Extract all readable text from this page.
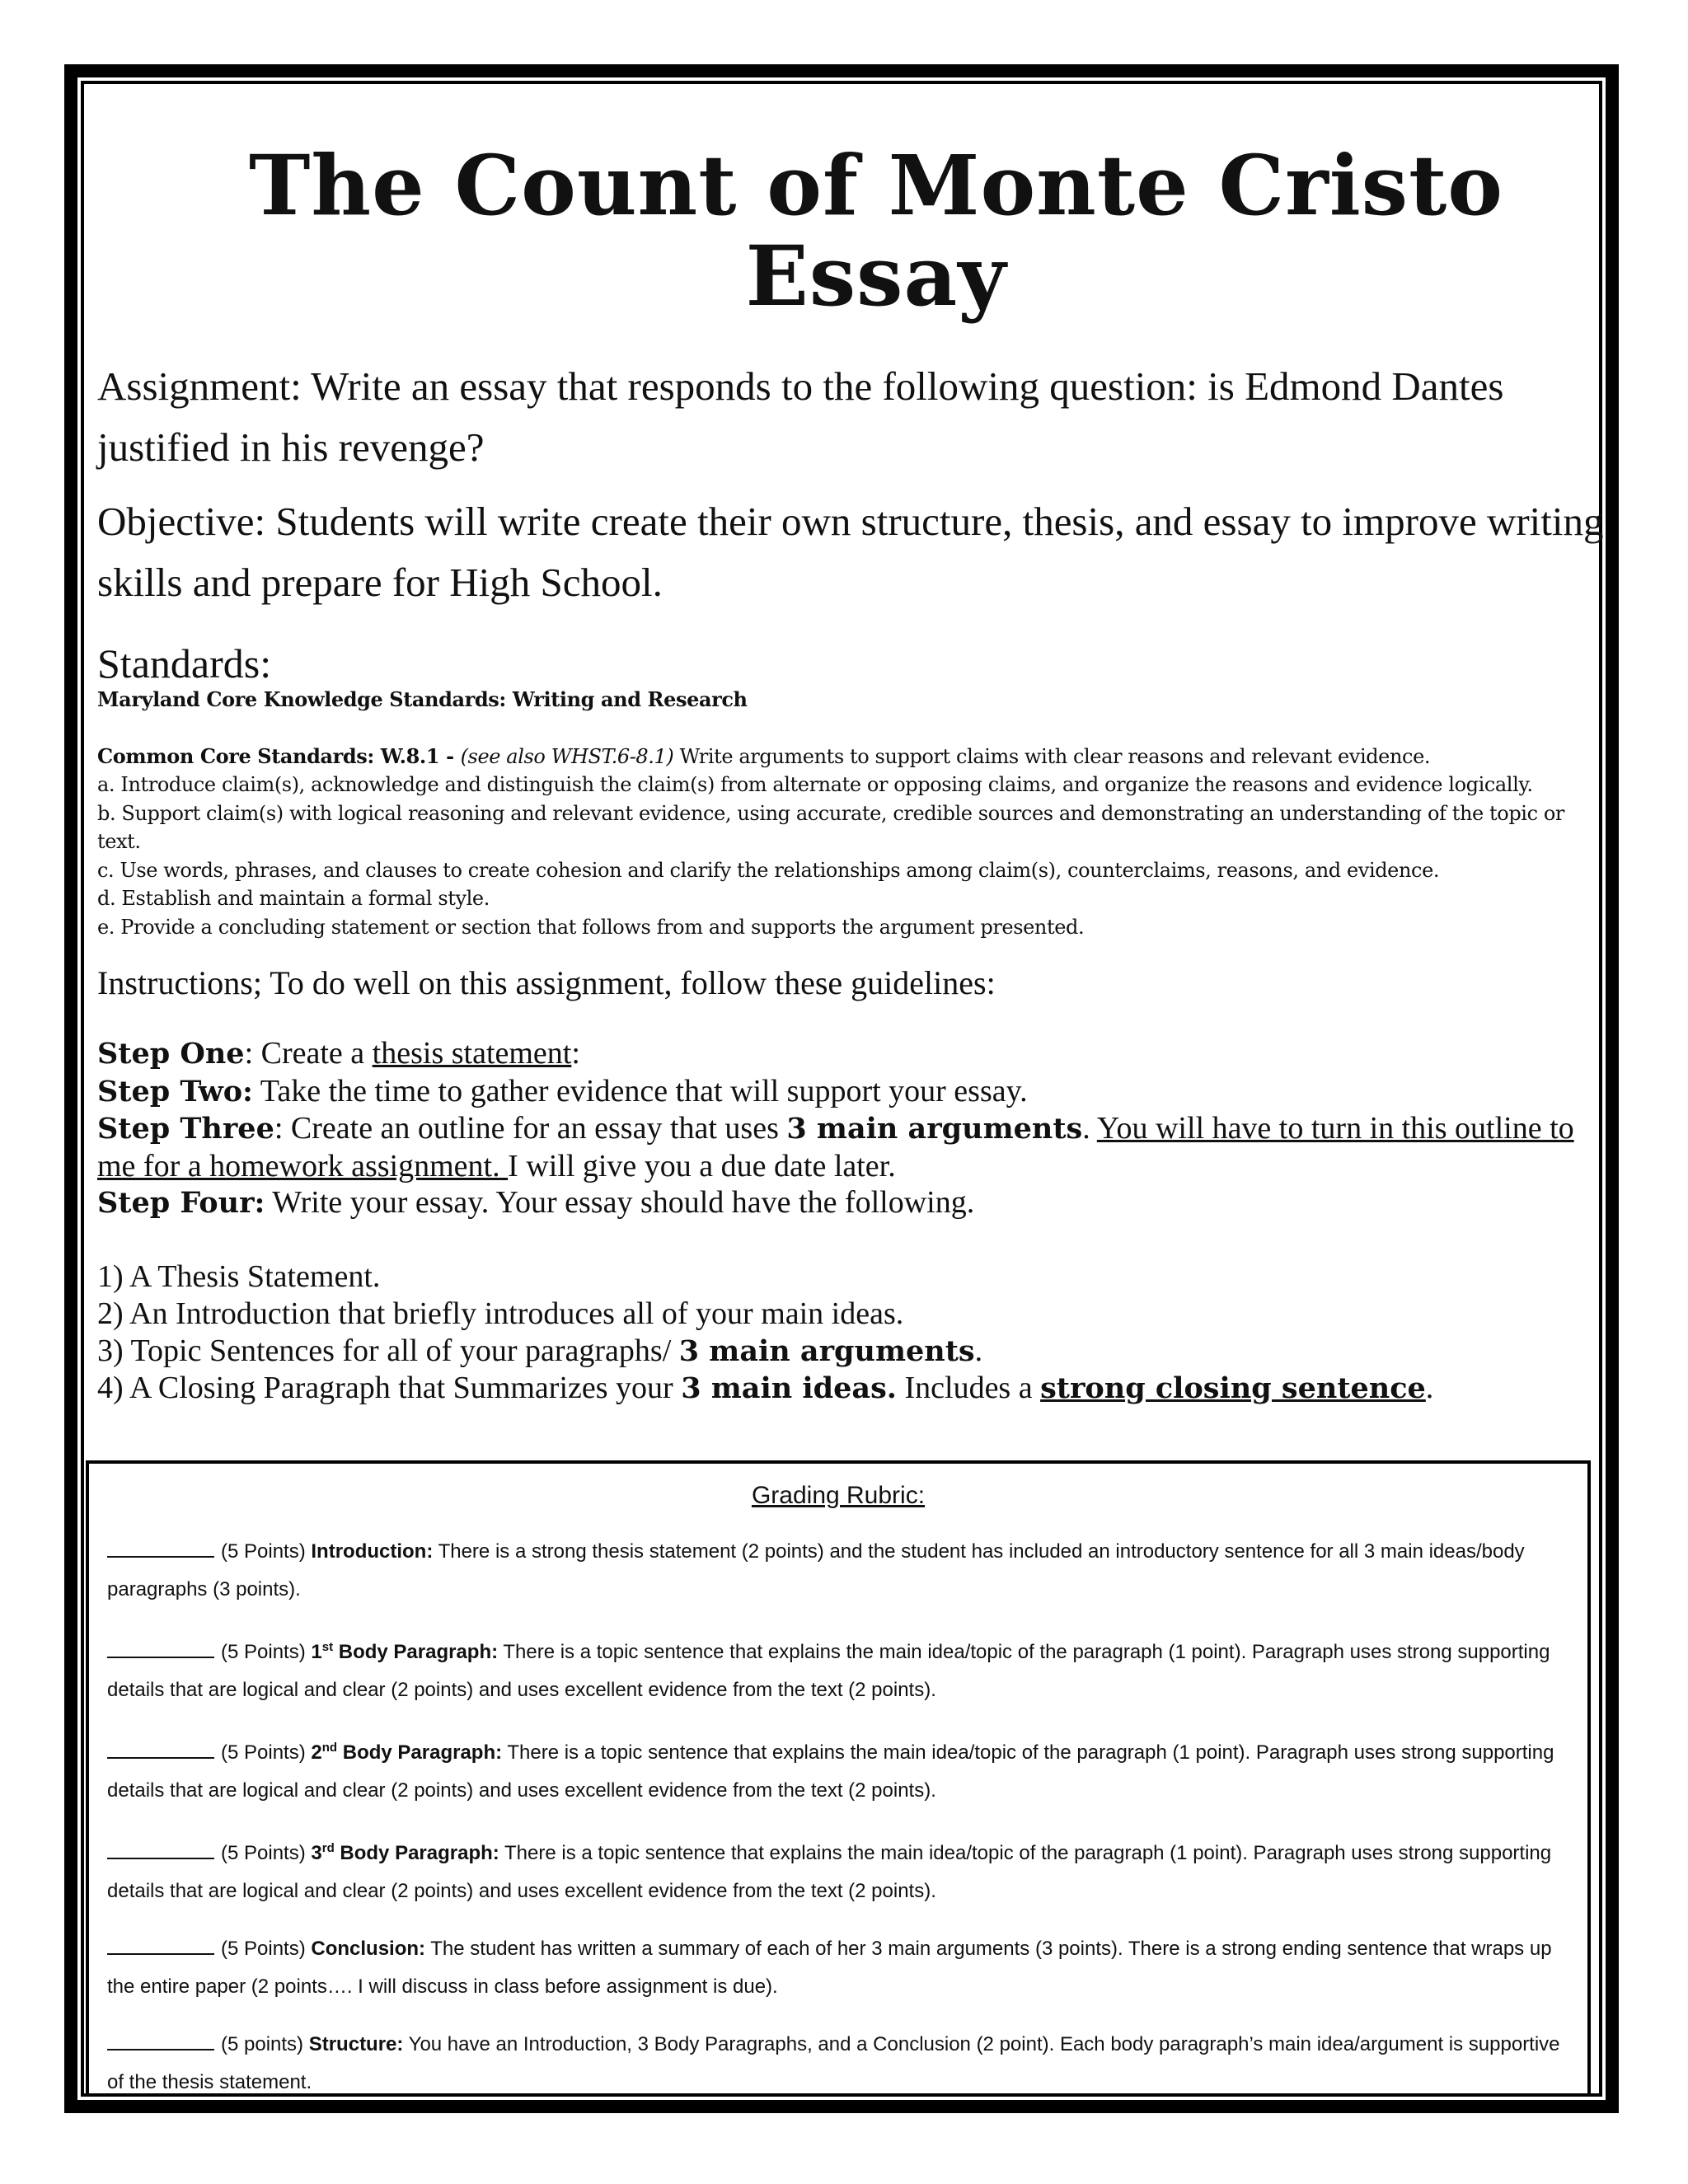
The Count of Monte Cristo Essay

Assignment: Write an essay that responds to the following question: is Edmond Dantes justified in his revenge?

Objective: Students will write create their own structure, thesis, and essay to improve writing skills and prepare for High School.

Standards:
Maryland Core Knowledge Standards: Writing and Research
Common Core Standards: W.8.1 - (see also WHST.6-8.1) Write arguments to support claims with clear reasons and relevant evidence.
a. Introduce claim(s), acknowledge and distinguish the claim(s) from alternate or opposing claims, and organize the reasons and evidence logically.
b. Support claim(s) with logical reasoning and relevant evidence, using accurate, credible sources and demonstrating an understanding of the topic or text.
c. Use words, phrases, and clauses to create cohesion and clarify the relationships among claim(s), counterclaims, reasons, and evidence.
d. Establish and maintain a formal style.
e. Provide a concluding statement or section that follows from and supports the argument presented.
Instructions; To do well on this assignment, follow these guidelines:
Step One: Create a thesis statement:
Step Two: Take the time to gather evidence that will support your essay.
Step Three: Create an outline for an essay that uses 3 main arguments. You will have to turn in this outline to me for a homework assignment. I will give you a due date later.
Step Four: Write your essay. Your essay should have the following.
1) A Thesis Statement.
2) An Introduction that briefly introduces all of your main ideas.
3) Topic Sentences for all of your paragraphs/ 3 main arguments.
4) A Closing Paragraph that Summarizes your 3 main ideas. Includes a strong closing sentence.
Grading Rubric:
(5 Points) Introduction: There is a strong thesis statement (2 points) and the student has included an introductory sentence for all 3 main ideas/body paragraphs (3 points).
(5 Points) 1st Body Paragraph: There is a topic sentence that explains the main idea/topic of the paragraph (1 point). Paragraph uses strong supporting details that are logical and clear (2 points) and uses excellent evidence from the text (2 points).
(5 Points) 2nd Body Paragraph: There is a topic sentence that explains the main idea/topic of the paragraph (1 point). Paragraph uses strong supporting details that are logical and clear (2 points) and uses excellent evidence from the text (2 points).
(5 Points) 3rd Body Paragraph: There is a topic sentence that explains the main idea/topic of the paragraph (1 point). Paragraph uses strong supporting details that are logical and clear (2 points) and uses excellent evidence from the text (2 points).
(5 Points) Conclusion: The student has written a summary of each of her 3 main arguments (3 points). There is a strong ending sentence that wraps up the entire paper (2 points…. I will discuss in class before assignment is due).
(5 points) Structure: You have an Introduction, 3 Body Paragraphs, and a Conclusion (2 point). Each body paragraph’s main idea/argument is supportive of the thesis statement.
